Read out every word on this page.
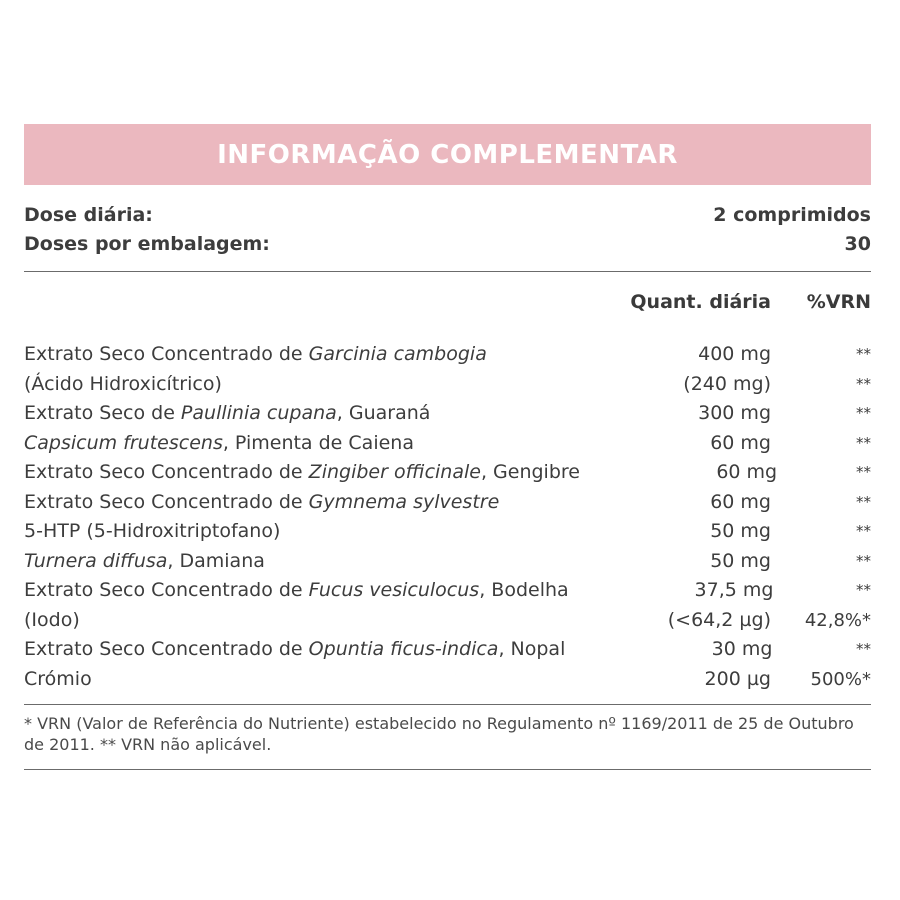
INFORMAÇÃO COMPLEMENTAR
Dose diária:	2 comprimidos
Doses por embalagem:	30
Quant. diária	%VRN
Extrato Seco Concentrado de Garcinia cambogia	400 mg	**
(Ácido Hidroxicítrico)	(240 mg)	**
Extrato Seco de Paullinia cupana, Guaraná	300 mg	**
Capsicum frutescens, Pimenta de Caiena	60 mg	**
Extrato Seco Concentrado de Zingiber officinale, Gengibre	60 mg	**
Extrato Seco Concentrado de Gymnema sylvestre	60 mg	**
5-HTP (5-Hidroxitriptofano)	50 mg	**
Turnera diffusa, Damiana	50 mg	**
Extrato Seco Concentrado de Fucus vesiculocus, Bodelha	37,5 mg	**
(Iodo)	(<64,2 µg)	42,8%*
Extrato Seco Concentrado de Opuntia ficus-indica, Nopal	30 mg	**
Crómio	200 µg	500%*
* VRN (Valor de Referência do Nutriente) estabelecido no Regulamento nº 1169/2011 de 25 de Outubro de 2011. ** VRN não aplicável.
